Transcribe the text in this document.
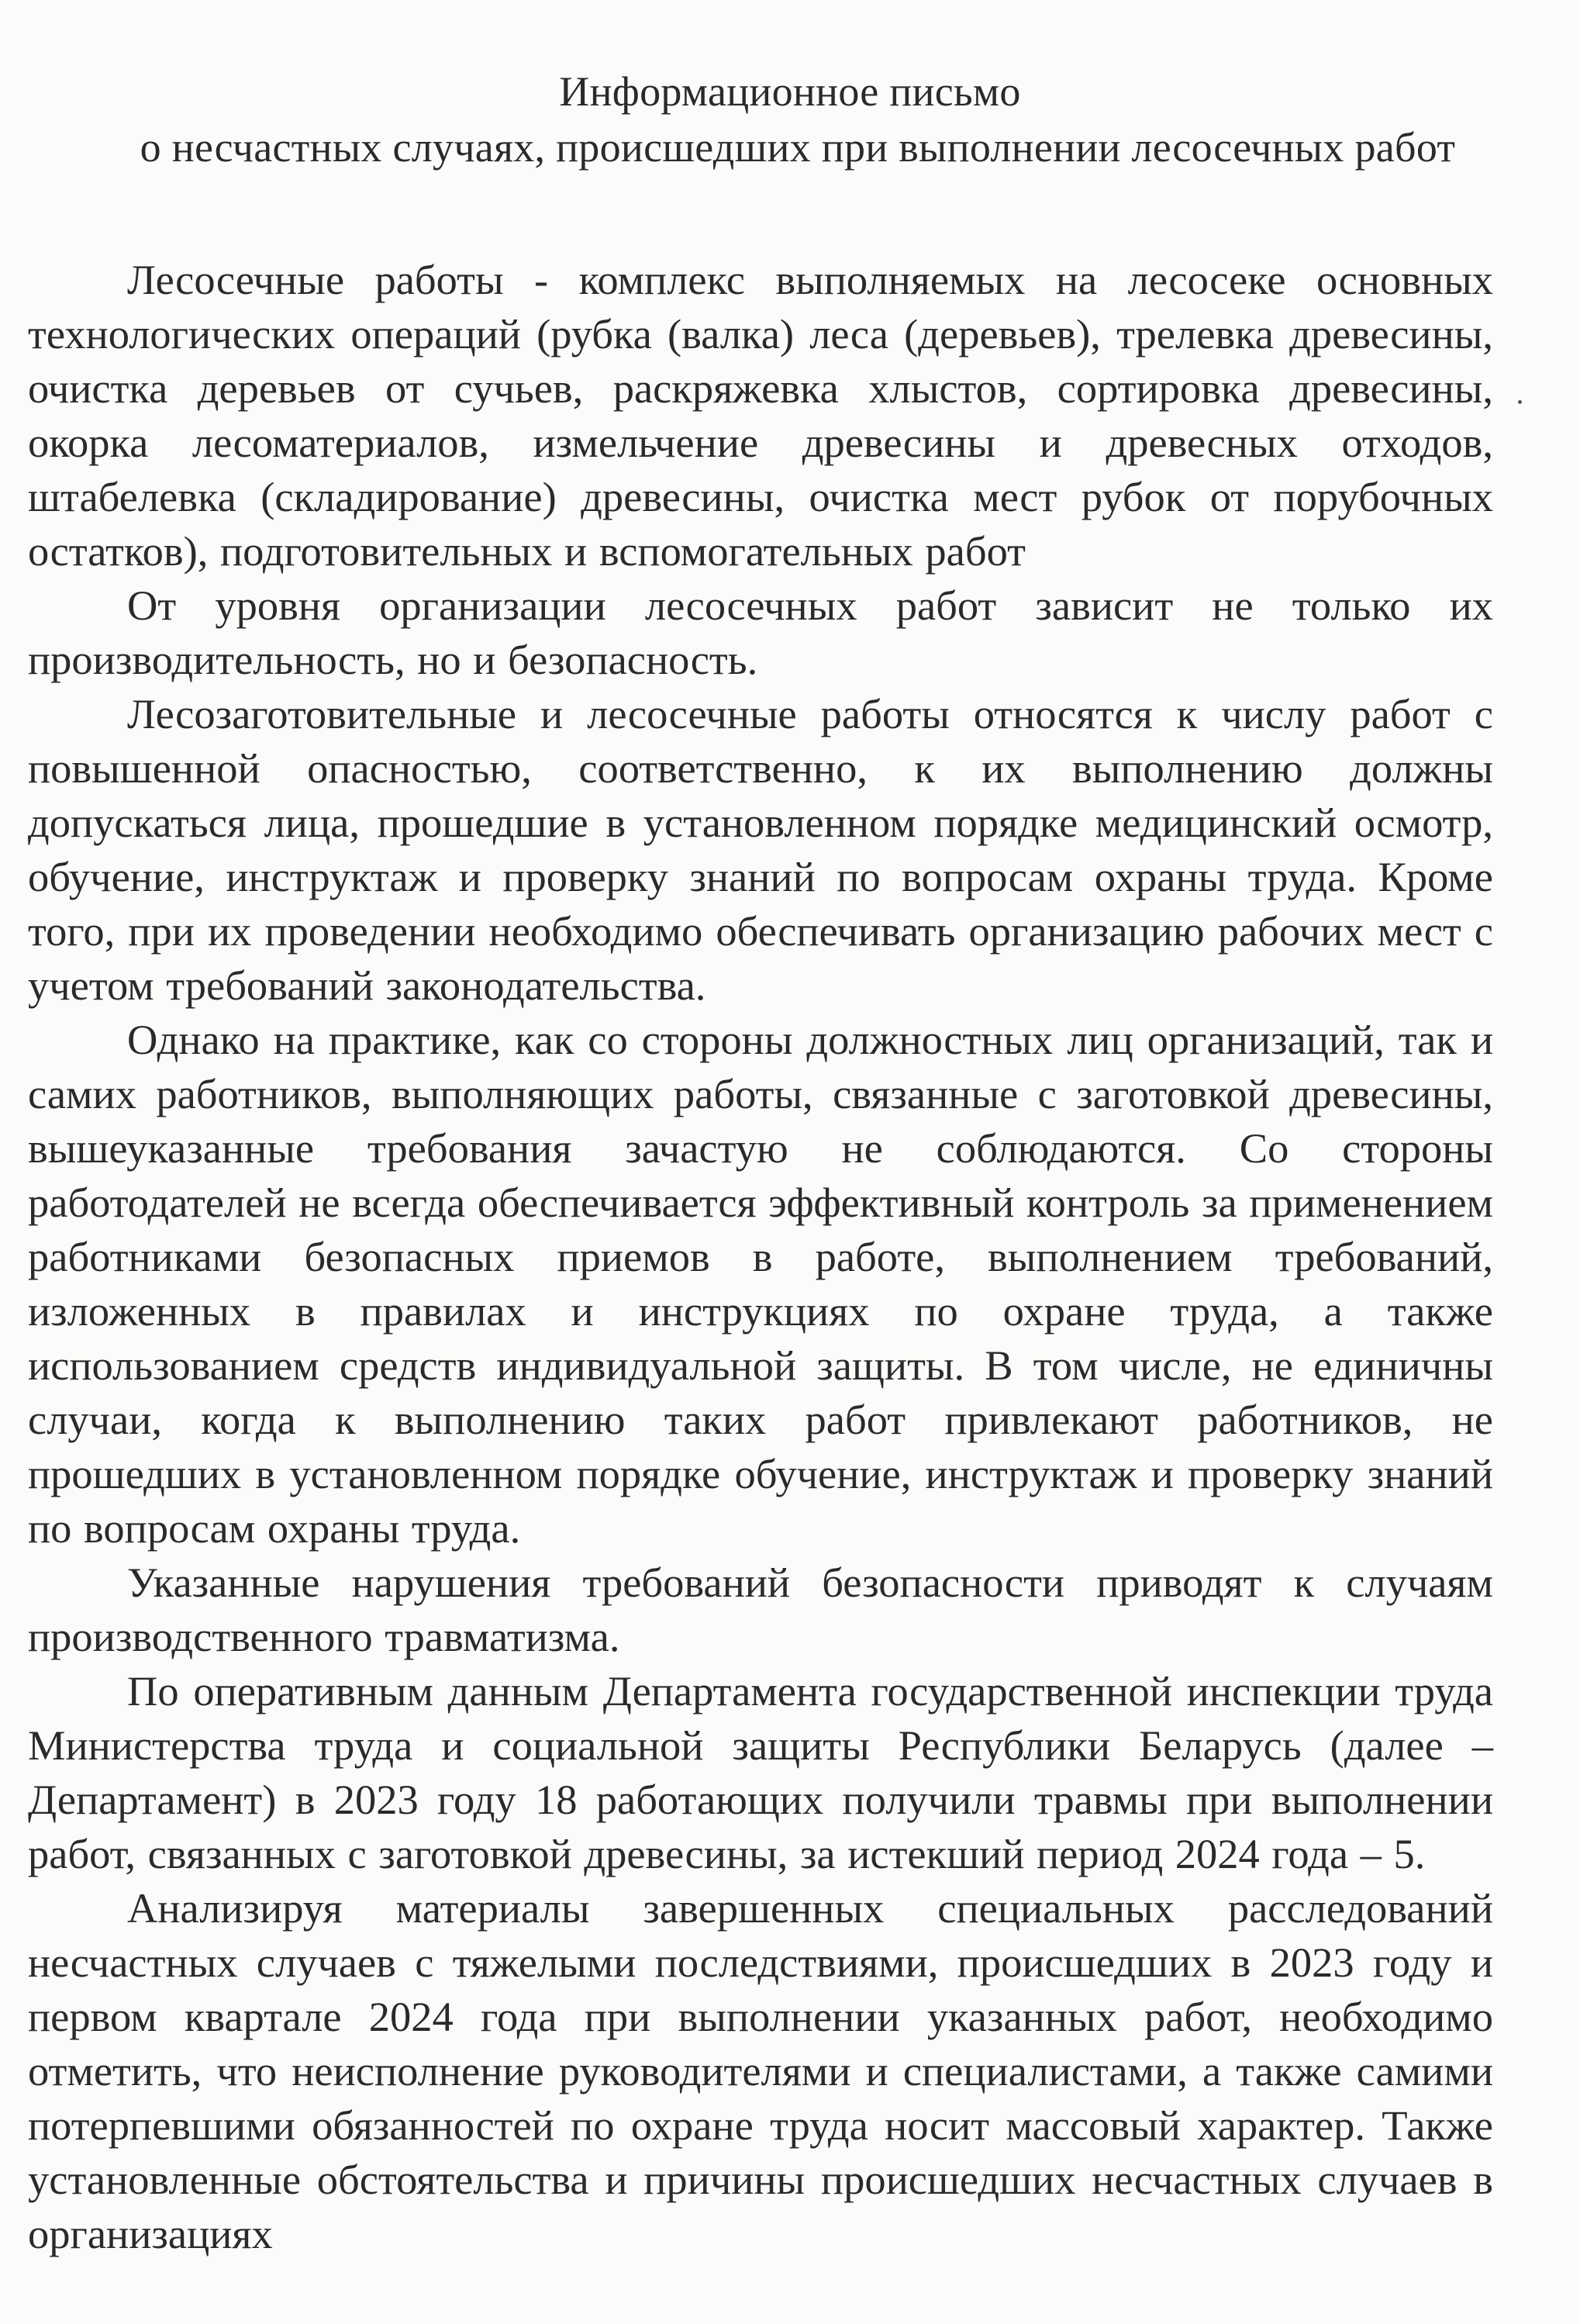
Информационное письмо
о несчастных случаях, происшедших при выполнении лесосечных работ

Лесосечные работы - комплекс выполняемых на лесосеке основных технологических операций (рубка (валка) леса (деревьев), трелевка древесины, очистка деревьев от сучьев, раскряжевка хлыстов, сортировка древесины, окорка лесоматериалов, измельчение древесины и древесных отходов, штабелевка (складирование) древесины, очистка мест рубок от порубочных остатков), подготовительных и вспомогательных работ

От уровня организации лесосечных работ зависит не только их производительность, но и безопасность.

Лесозаготовительные и лесосечные работы относятся к числу работ с повышенной опасностью, соответственно, к их выполнению должны допускаться лица, прошедшие в установленном порядке медицинский осмотр, обучение, инструктаж и проверку знаний по вопросам охраны труда. Кроме того, при их проведении необходимо обеспечивать организацию рабочих мест с учетом требований законодательства.

Однако на практике, как со стороны должностных лиц организаций, так и самих работников, выполняющих работы, связанные с заготовкой древесины, вышеуказанные требования зачастую не соблюдаются. Со стороны работодателей не всегда обеспечивается эффективный контроль за применением работниками безопасных приемов в работе, выполнением требований, изложенных в правилах и инструкциях по охране труда, а также использованием средств индивидуальной защиты. В том числе, не единичны случаи, когда к выполнению таких работ привлекают работников, не прошедших в установленном порядке обучение, инструктаж и проверку знаний по вопросам охраны труда.

Указанные нарушения требований безопасности приводят к случаям производственного травматизма.

По оперативным данным Департамента государственной инспекции труда Министерства труда и социальной защиты Республики Беларусь (далее – Департамент) в 2023 году 18 работающих получили травмы при выполнении работ, связанных с заготовкой древесины, за истекший период 2024 года – 5.

Анализируя материалы завершенных специальных расследований несчастных случаев с тяжелыми последствиями, происшедших в 2023 году и первом квартале 2024 года при выполнении указанных работ, необходимо отметить, что неисполнение руководителями и специалистами, а также самими потерпевшими обязанностей по охране труда носит массовый характер. Также установленные обстоятельства и причины происшедших несчастных случаев в организациях
